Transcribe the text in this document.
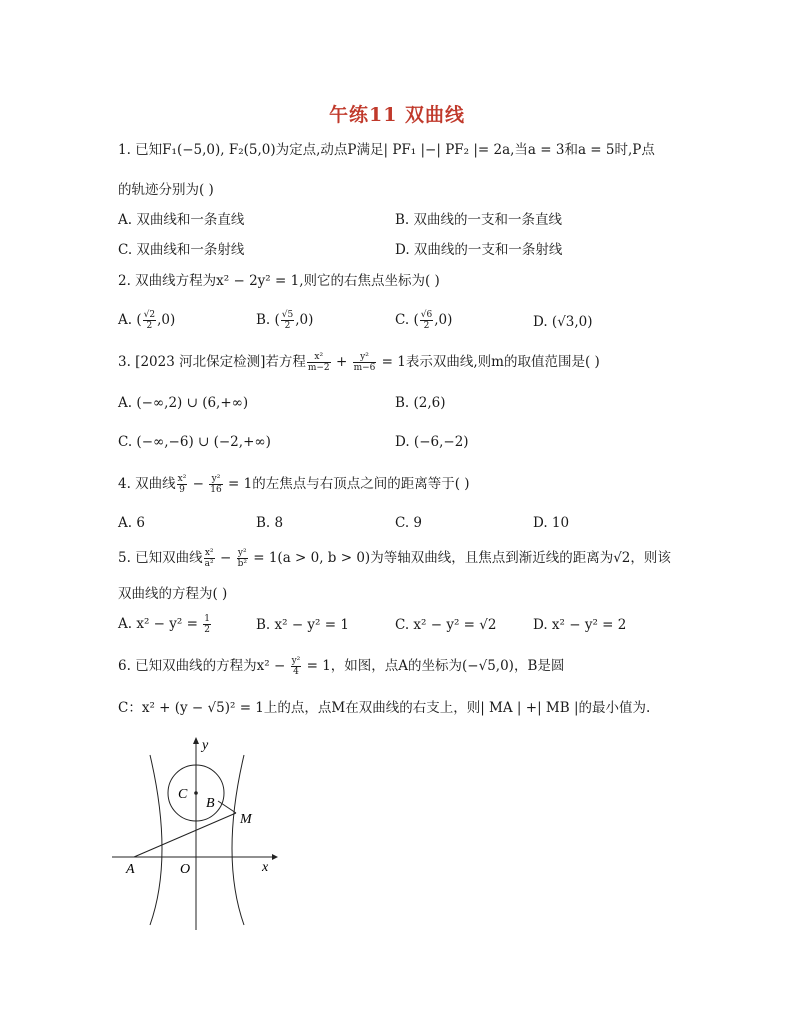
午练11 双曲线
1. 已知F₁(−5,0), F₂(5,0)为定点,动点P满足| PF₁ |−| PF₂ |= 2a,当a = 3和a = 5时,P点
的轨迹分别为( )
A. 双曲线和一条直线	B. 双曲线的一支和一条直线
C. 双曲线和一条射线	D. 双曲线的一支和一条射线
2. 双曲线方程为x² − 2y² = 1,则它的右焦点坐标为( )
A. ( $\frac{√2}{2} ,0$)	B. ( $\frac{√5}{2} ,0$)	C. ( $\frac{√6}{2} ,0$)	D. (√3,0)
3. [2023 河北保定检测]若方程 $\frac{\text{x²}}{m-2} + \frac{\text{y²}}{m-6} = 1$表示双曲线,则m的取值范围是( )
A. (−∞,2) ∪ (6,+∞)	B. (2,6)
C. (−∞,−6) ∪ (−2,+∞)	D. (−6,−2)
4. 双曲线 $\frac{\text{x²}}{9} - \frac{\text{y²}}{16} = 1$的左焦点与右顶点之间的距离等于( )
A. 6	B. 8	C. 9	D. 10
5. 已知双曲线 $\frac{\text{x²}}{\text{a²}} - \frac{\text{y²}}{\text{b²}} = 1(a > 0$, b > 0)为等轴双曲线，且焦点到渐近线的距离为√2，则该
双曲线的方程为( )
A. $x^2 - y^2 = \frac{1}{2}$	B. x² − y² = 1	C. x² − y² = √2	D. x² − y² = 2
6. 已知双曲线的方程为$x^2 - \frac{\text{y²}}{4} = 1$，如图，点A的坐标为(−√5,0)，B是圆
C：x² + (y − √5)² = 1上的点，点M在双曲线的右支上，则| MA | +| MB |的最小值为.
y
x
A	O
C
B
M
